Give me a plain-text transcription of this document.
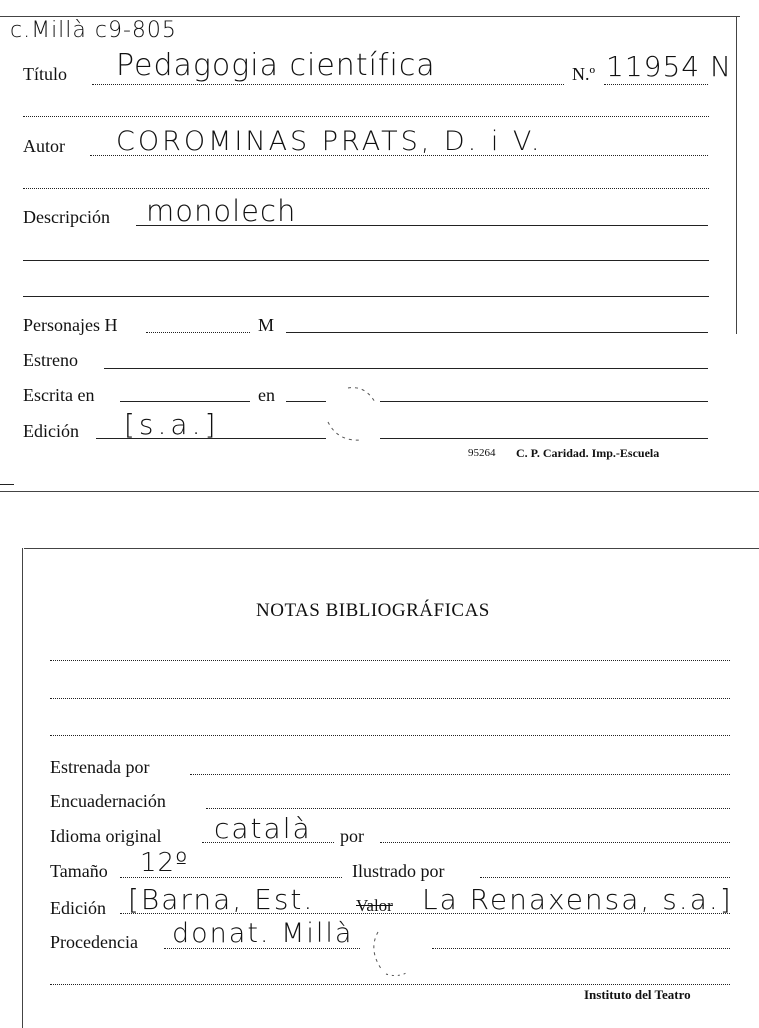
c.Millà c9-805
Título Pedagogia científica	N.º 11954 N
Autor COROMINAS PRATS, D. i V.
Descripción monolech
Personajes H	M
Estreno
Escrita en	en
Edición [s.a.]
95264 C. P. Caridad. Imp.-Escuela
NOTAS BIBLIOGRÁFICAS
Estrenada por
Encuadernación
Idioma original català por
Tamaño 12º	Ilustrado por
Edición [Barna, Est. Valor La Renaxensa, s.a.]
Procedencia donat. Millà
Instituto del Teatro
